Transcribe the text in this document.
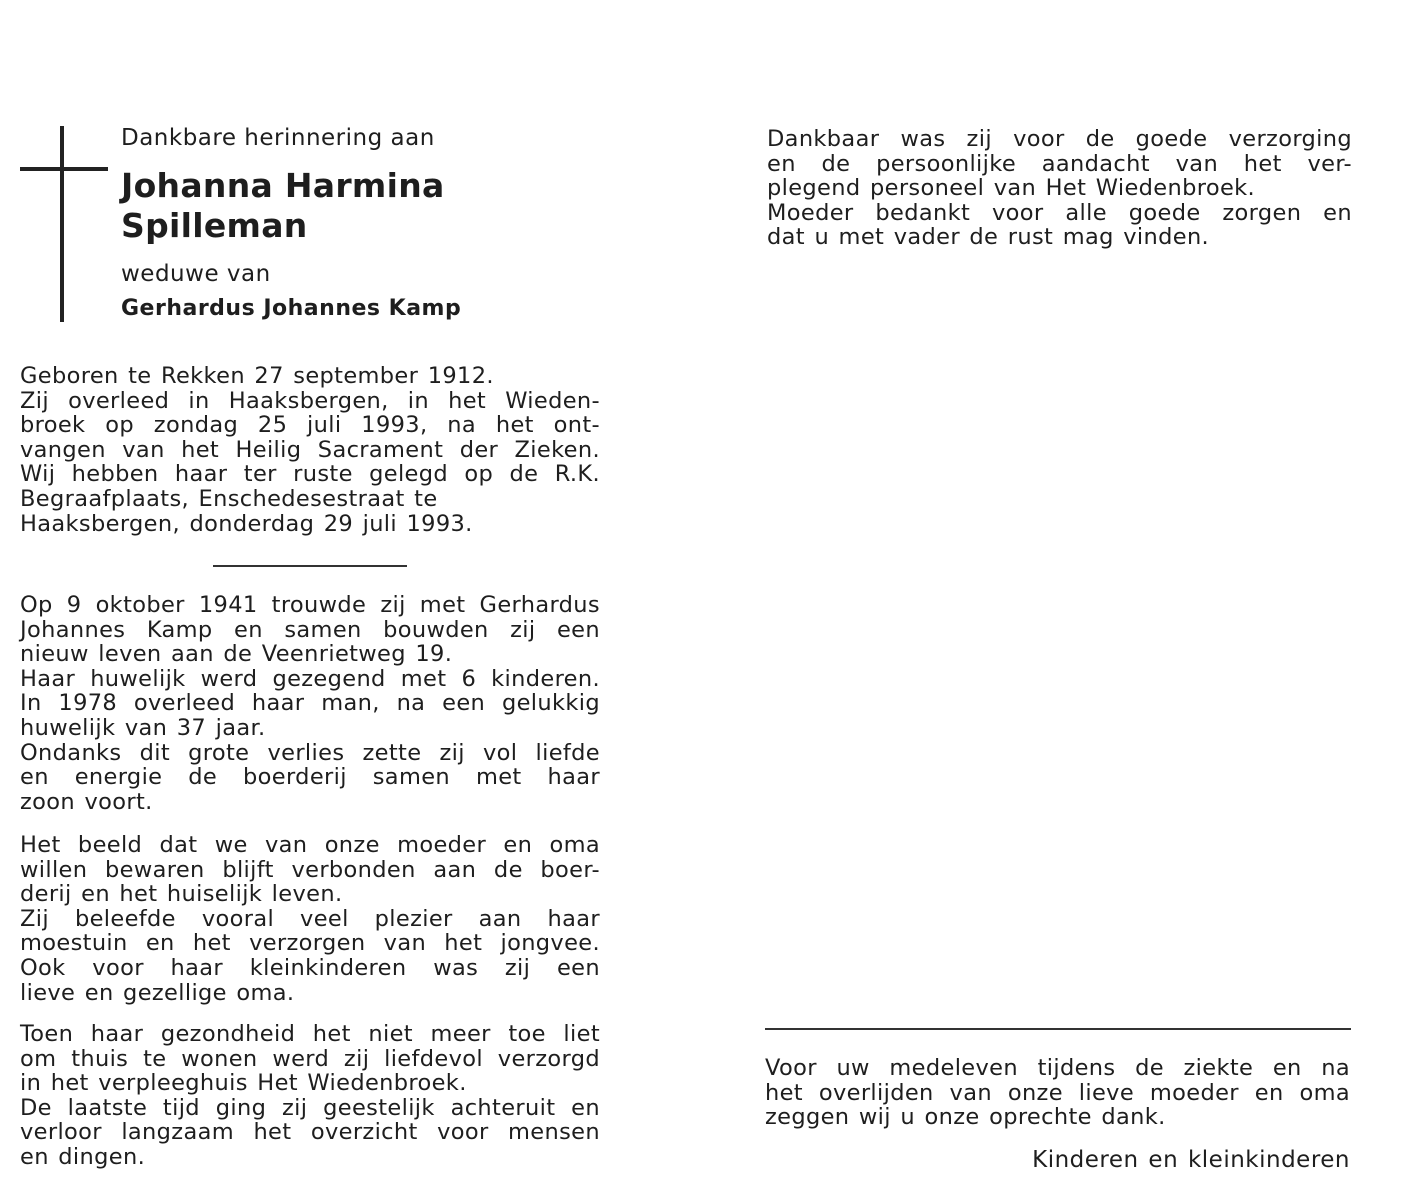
Dankbare herinnering aan
Johanna Harmina
Spilleman
weduwe van
Gerhardus Johannes Kamp
Geboren te Rekken 27 september 1912.
Zij overleed in Haaksbergen, in het Wieden-
broek op zondag 25 juli 1993, na het ont-
vangen van het Heilig Sacrament der Zieken.
Wij hebben haar ter ruste gelegd op de R.K.
Begraafplaats, Enschedesestraat te
Haaksbergen, donderdag 29 juli 1993.
Op 9 oktober 1941 trouwde zij met Gerhardus
Johannes Kamp en samen bouwden zij een
nieuw leven aan de Veenrietweg 19.
Haar huwelijk werd gezegend met 6 kinderen.
In 1978 overleed haar man, na een gelukkig
huwelijk van 37 jaar.
Ondanks dit grote verlies zette zij vol liefde
en energie de boerderij samen met haar
zoon voort.
Het beeld dat we van onze moeder en oma
willen bewaren blijft verbonden aan de boer-
derij en het huiselijk leven.
Zij beleefde vooral veel plezier aan haar
moestuin en het verzorgen van het jongvee.
Ook voor haar kleinkinderen was zij een
lieve en gezellige oma.
Toen haar gezondheid het niet meer toe liet
om thuis te wonen werd zij liefdevol verzorgd
in het verpleeghuis Het Wiedenbroek.
De laatste tijd ging zij geestelijk achteruit en
verloor langzaam het overzicht voor mensen
en dingen.
Dankbaar was zij voor de goede verzorging
en de persoonlijke aandacht van het ver-
plegend personeel van Het Wiedenbroek.
Moeder bedankt voor alle goede zorgen en
dat u met vader de rust mag vinden.
Voor uw medeleven tijdens de ziekte en na
het overlijden van onze lieve moeder en oma
zeggen wij u onze oprechte dank.
Kinderen en kleinkinderen
